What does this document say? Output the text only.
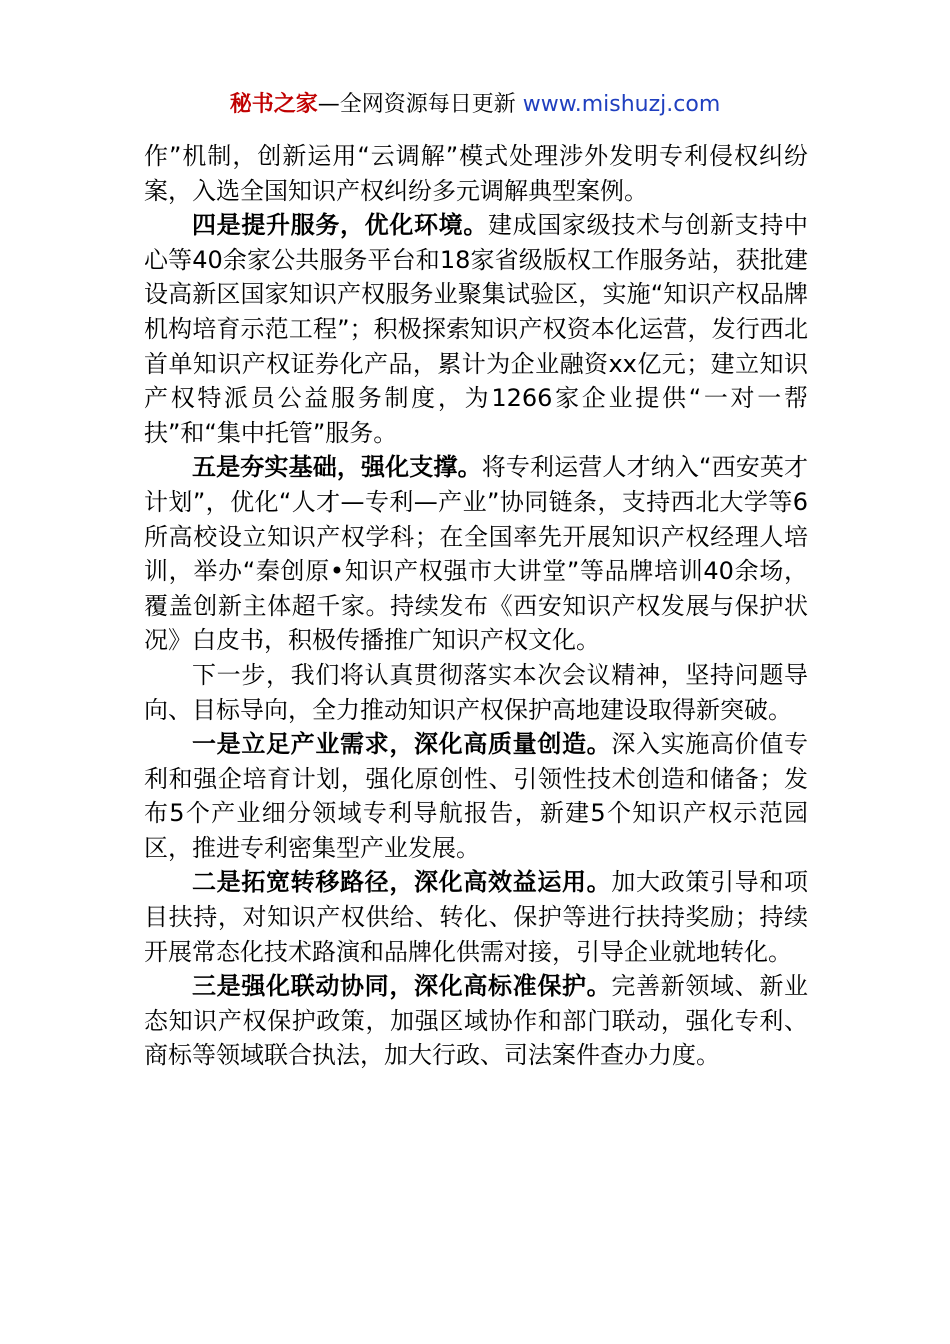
秘书之家—全网资源每日更新 www.mishuzj.com

作”机制，创新运用“云调解”模式处理涉外发明专利侵权纠纷案，入选全国知识产权纠纷多元调解典型案例。

四是提升服务，优化环境。建成国家级技术与创新支持中心等40余家公共服务平台和18家省级版权工作服务站，获批建设高新区国家知识产权服务业聚集试验区，实施“知识产权品牌机构培育示范工程”；积极探索知识产权资本化运营，发行西北首单知识产权证券化产品，累计为企业融资xx亿元；建立知识产权特派员公益服务制度，为1266家企业提供“一对一帮扶”和“集中托管”服务。

五是夯实基础，强化支撑。将专利运营人才纳入“西安英才计划”，优化“人才—专利—产业”协同链条，支持西北大学等6所高校设立知识产权学科；在全国率先开展知识产权经理人培训，举办“秦创原•知识产权强市大讲堂”等品牌培训40余场，覆盖创新主体超千家。持续发布《西安知识产权发展与保护状况》白皮书，积极传播推广知识产权文化。

下一步，我们将认真贯彻落实本次会议精神，坚持问题导向、目标导向，全力推动知识产权保护高地建设取得新突破。

一是立足产业需求，深化高质量创造。深入实施高价值专利和强企培育计划，强化原创性、引领性技术创造和储备；发布5个产业细分领域专利导航报告，新建5个知识产权示范园区，推进专利密集型产业发展。

二是拓宽转移路径，深化高效益运用。加大政策引导和项目扶持，对知识产权供给、转化、保护等进行扶持奖励；持续开展常态化技术路演和品牌化供需对接，引导企业就地转化。

三是强化联动协同，深化高标准保护。完善新领域、新业态知识产权保护政策，加强区域协作和部门联动，强化专利、商标等领域联合执法，加大行政、司法案件查办力度。
